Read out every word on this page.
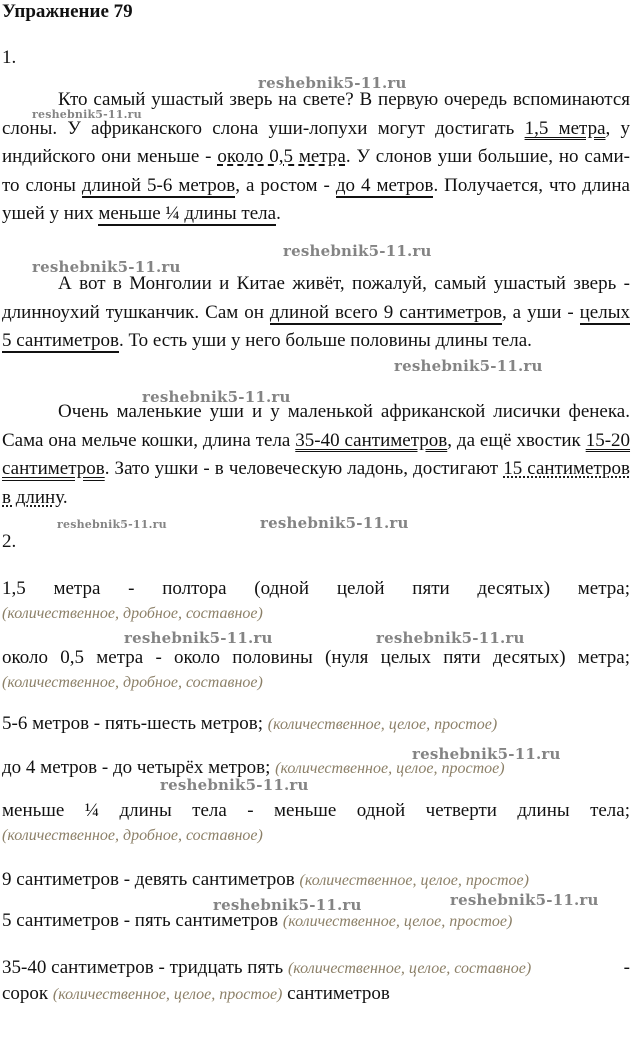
Упражнение 79
1.
Кто самый ушастый зверь на свете? В первую очередь вспоминаются слоны. У африканского слона уши-лопухи могут достигать 1,5 метра, у индийского они меньше - около 0,5 метра. У слонов уши большие, но сами-то слоны длиной 5-6 метров, а ростом - до 4 метров. Получается, что длина ушей у них меньше ¼ длины тела.
А вот в Монголии и Китае живёт, пожалуй, самый ушастый зверь - длинноухий тушканчик. Сам он длиной всего 9 сантиметров, а уши - целых 5 сантиметров. То есть уши у него больше половины длины тела.
Очень маленькие уши и у маленькой африканской лисички фенека. Сама она мельче кошки, длина тела 35-40 сантиметров, да ещё хвостик 15-20 сантиметров. Зато ушки - в человеческую ладонь, достигают 15 сантиметров в длину.
2.
1,5 метра - полтора (одной целой пяти десятых) метра;
(количественное, дробное, составное)
около 0,5 метра - около половины (нуля целых пяти десятых) метра;
(количественное, дробное, составное)
5-6 метров - пять-шесть метров; (количественное, целое, простое)
до 4 метров - до четырёх метров; (количественное, целое, простое)
меньше ¼ длины тела - меньше одной четверти длины тела;
(количественное, дробное, составное)
9 сантиметров - девять сантиметров (количественное, целое, простое)
5 сантиметров - пять сантиметров (количественное, целое, простое)
35-40 сантиметров - тридцать пять (количественное, целое, составное)	-
сорок (количественное, целое, простое) сантиметров
reshebnik5-11.ru
reshebnik5-11.ru
reshebnik5-11.ru
reshebnik5-11.ru
reshebnik5-11.ru
reshebnik5-11.ru
reshebnik5-11.ru	reshebnik5-11.ru
reshebnik5-11.ru	reshebnik5-11.ru
reshebnik5-11.ru
reshebnik5-11.ru
reshebnik5-11.ru	reshebnik5-11.ru
